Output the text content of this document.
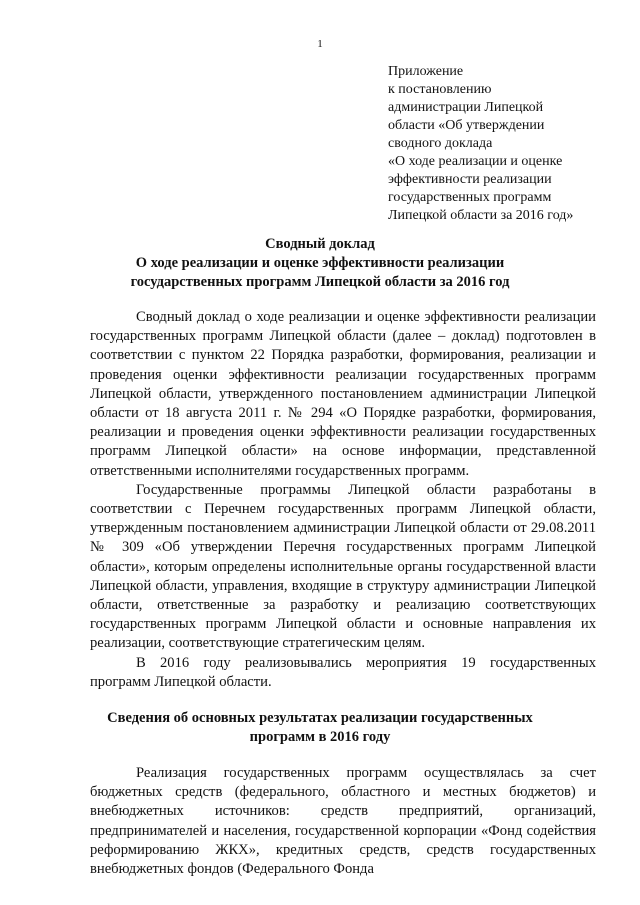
1
Приложение
к постановлению
администрации Липецкой
области «Об утверждении
сводного доклада
«О ходе реализации и оценке
эффективности реализации
государственных программ
Липецкой области за 2016 год»
Сводный доклад
О ходе реализации и оценке эффективности реализации
государственных программ Липецкой области за 2016 год

Сводный доклад о ходе реализации и оценке эффективности реализации государственных программ Липецкой области (далее – доклад) подготовлен в соответствии с пунктом 22 Порядка разработки, формирования, реализации и проведения оценки эффективности реализации государственных программ Липецкой области, утвержденного постановлением администрации Липецкой области от 18 августа 2011 г. № 294 «О Порядке разработки, формирования, реализации и проведения оценки эффективности реализации государственных программ Липецкой области» на основе информации, представленной ответственными исполнителями государственных программ.

Государственные программы Липецкой области разработаны в соответствии с Перечнем государственных программ Липецкой области, утвержденным постановлением администрации Липецкой области от 29.08.2011 № 309 «Об утверждении Перечня государственных программ Липецкой области», которым определены исполнительные органы государственной власти Липецкой области, управления, входящие в структуру администрации Липецкой области, ответственные за разработку и реализацию соответствующих государственных программ Липецкой области и основные направления их реализации, соответствующие стратегическим целям.

В 2016 году реализовывались мероприятия 19 государственных программ Липецкой области.

Сведения об основных результатах реализации государственных
программ в 2016 году

Реализация государственных программ осуществлялась за счет бюджетных средств (федерального, областного и местных бюджетов) и внебюджетных источников: средств предприятий, организаций, предпринимателей и населения, государственной корпорации «Фонд содействия реформированию ЖКХ», кредитных средств, средств государственных внебюджетных фондов (Федерального Фонда
